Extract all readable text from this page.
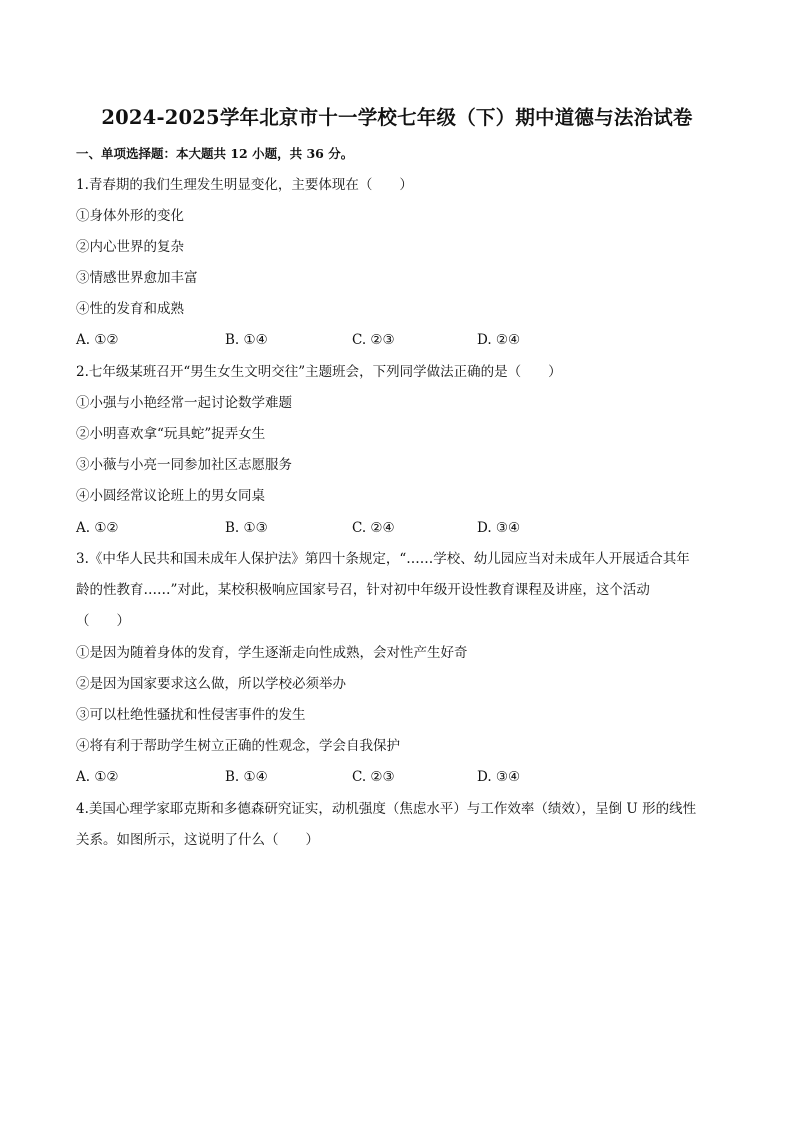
2024-2025学年北京市十一学校七年级（下）期中道德与法治试卷
一、单项选择题：本大题共 12 小题，共 36 分。
1.青春期的我们生理发生明显变化，主要体现在（　　）
①身体外形的变化
②内心世界的复杂
③情感世界愈加丰富
④性的发育和成熟
A. ①②	B. ①④	C. ②③	D. ②④
2.七年级某班召开“男生女生文明交往”主题班会，下列同学做法正确的是（　　）
①小强与小艳经常一起讨论数学难题
②小明喜欢拿“玩具蛇”捉弄女生
③小薇与小亮一同参加社区志愿服务
④小圆经常议论班上的男女同桌
A. ①②	B. ①③	C. ②④	D. ③④
3.《中华人民共和国未成年人保护法》第四十条规定，“……学校、幼儿园应当对未成年人开展适合其年
龄的性教育……”对此，某校积极响应国家号召，针对初中年级开设性教育课程及讲座，这个活动
（　　）
①是因为随着身体的发育，学生逐渐走向性成熟，会对性产生好奇
②是因为国家要求这么做，所以学校必须举办
③可以杜绝性骚扰和性侵害事件的发生
④将有利于帮助学生树立正确的性观念，学会自我保护
A. ①②	B. ①④	C. ②③	D. ③④
4.美国心理学家耶克斯和多德森研究证实，动机强度（焦虑水平）与工作效率（绩效），呈倒 U 形的线性
关系。如图所示，这说明了什么（　　）
